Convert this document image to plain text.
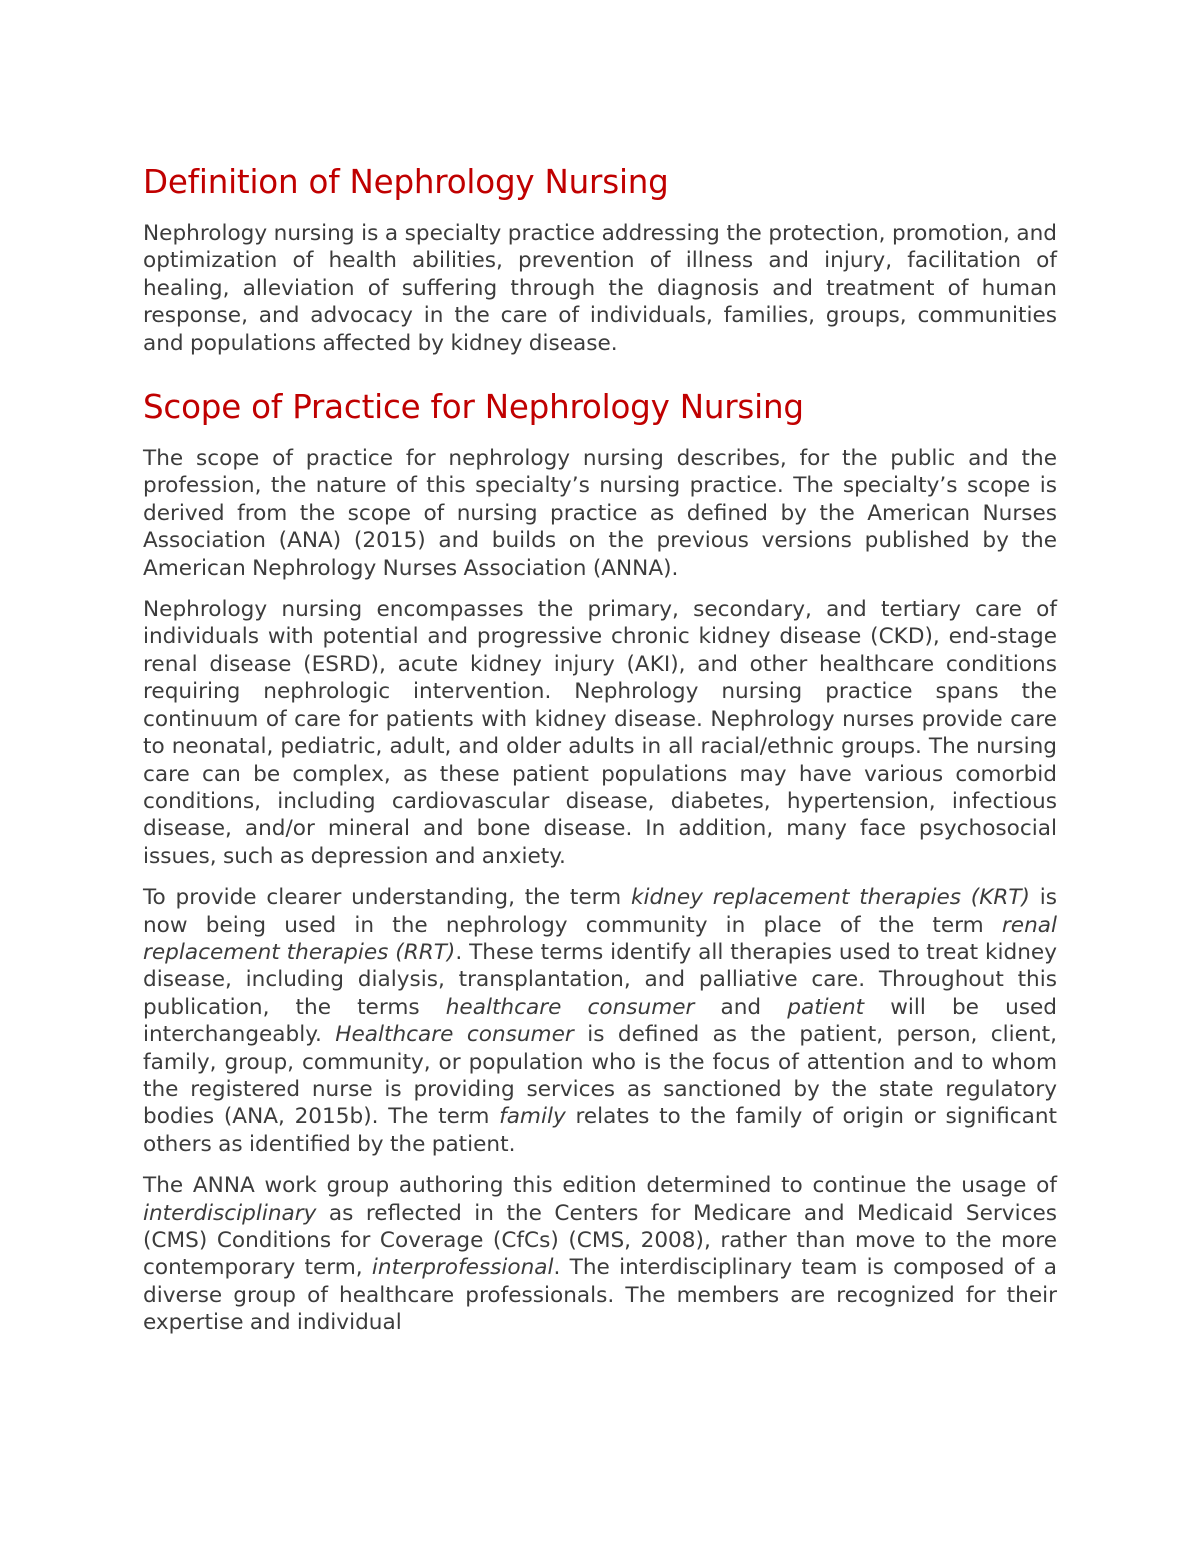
Definition of Nephrology Nursing

Nephrology nursing is a specialty practice addressing the protection, promotion, and optimization of health abilities, prevention of illness and injury, facilitation of healing, alleviation of suffering through the diagnosis and treatment of human response, and advocacy in the care of individuals, families, groups, communities and populations affected by kidney disease.

Scope of Practice for Nephrology Nursing

The scope of practice for nephrology nursing describes, for the public and the profession, the nature of this specialty’s nursing practice. The specialty’s scope is derived from the scope of nursing practice as defined by the American Nurses Association (ANA) (2015) and builds on the previous versions published by the American Nephrology Nurses Association (ANNA).

Nephrology nursing encompasses the primary, secondary, and tertiary care of individuals with potential and progressive chronic kidney disease (CKD), end-stage renal disease (ESRD), acute kidney injury (AKI), and other healthcare conditions requiring nephrologic intervention. Nephrology nursing practice spans the continuum of care for patients with kidney disease. Nephrology nurses provide care to neonatal, pediatric, adult, and older adults in all racial/ethnic groups. The nursing care can be complex, as these patient populations may have various comorbid conditions, including cardiovascular disease, diabetes, hypertension, infectious disease, and/or mineral and bone disease. In addition, many face psychosocial issues, such as depression and anxiety.

To provide clearer understanding, the term kidney replacement therapies (KRT) is now being used in the nephrology community in place of the term renal replacement therapies (RRT). These terms identify all therapies used to treat kidney disease, including dialysis, transplantation, and palliative care. Throughout this publication, the terms healthcare consumer and patient will be used interchangeably. Healthcare consumer is defined as the patient, person, client, family, group, community, or population who is the focus of attention and to whom the registered nurse is providing services as sanctioned by the state regulatory bodies (ANA, 2015b). The term family relates to the family of origin or significant others as identified by the patient.

The ANNA work group authoring this edition determined to continue the usage of interdisciplinary as reflected in the Centers for Medicare and Medicaid Services (CMS) Conditions for Coverage (CfCs) (CMS, 2008), rather than move to the more contemporary term, interprofessional. The interdisciplinary team is composed of a diverse group of healthcare professionals. The members are recognized for their expertise and individual
